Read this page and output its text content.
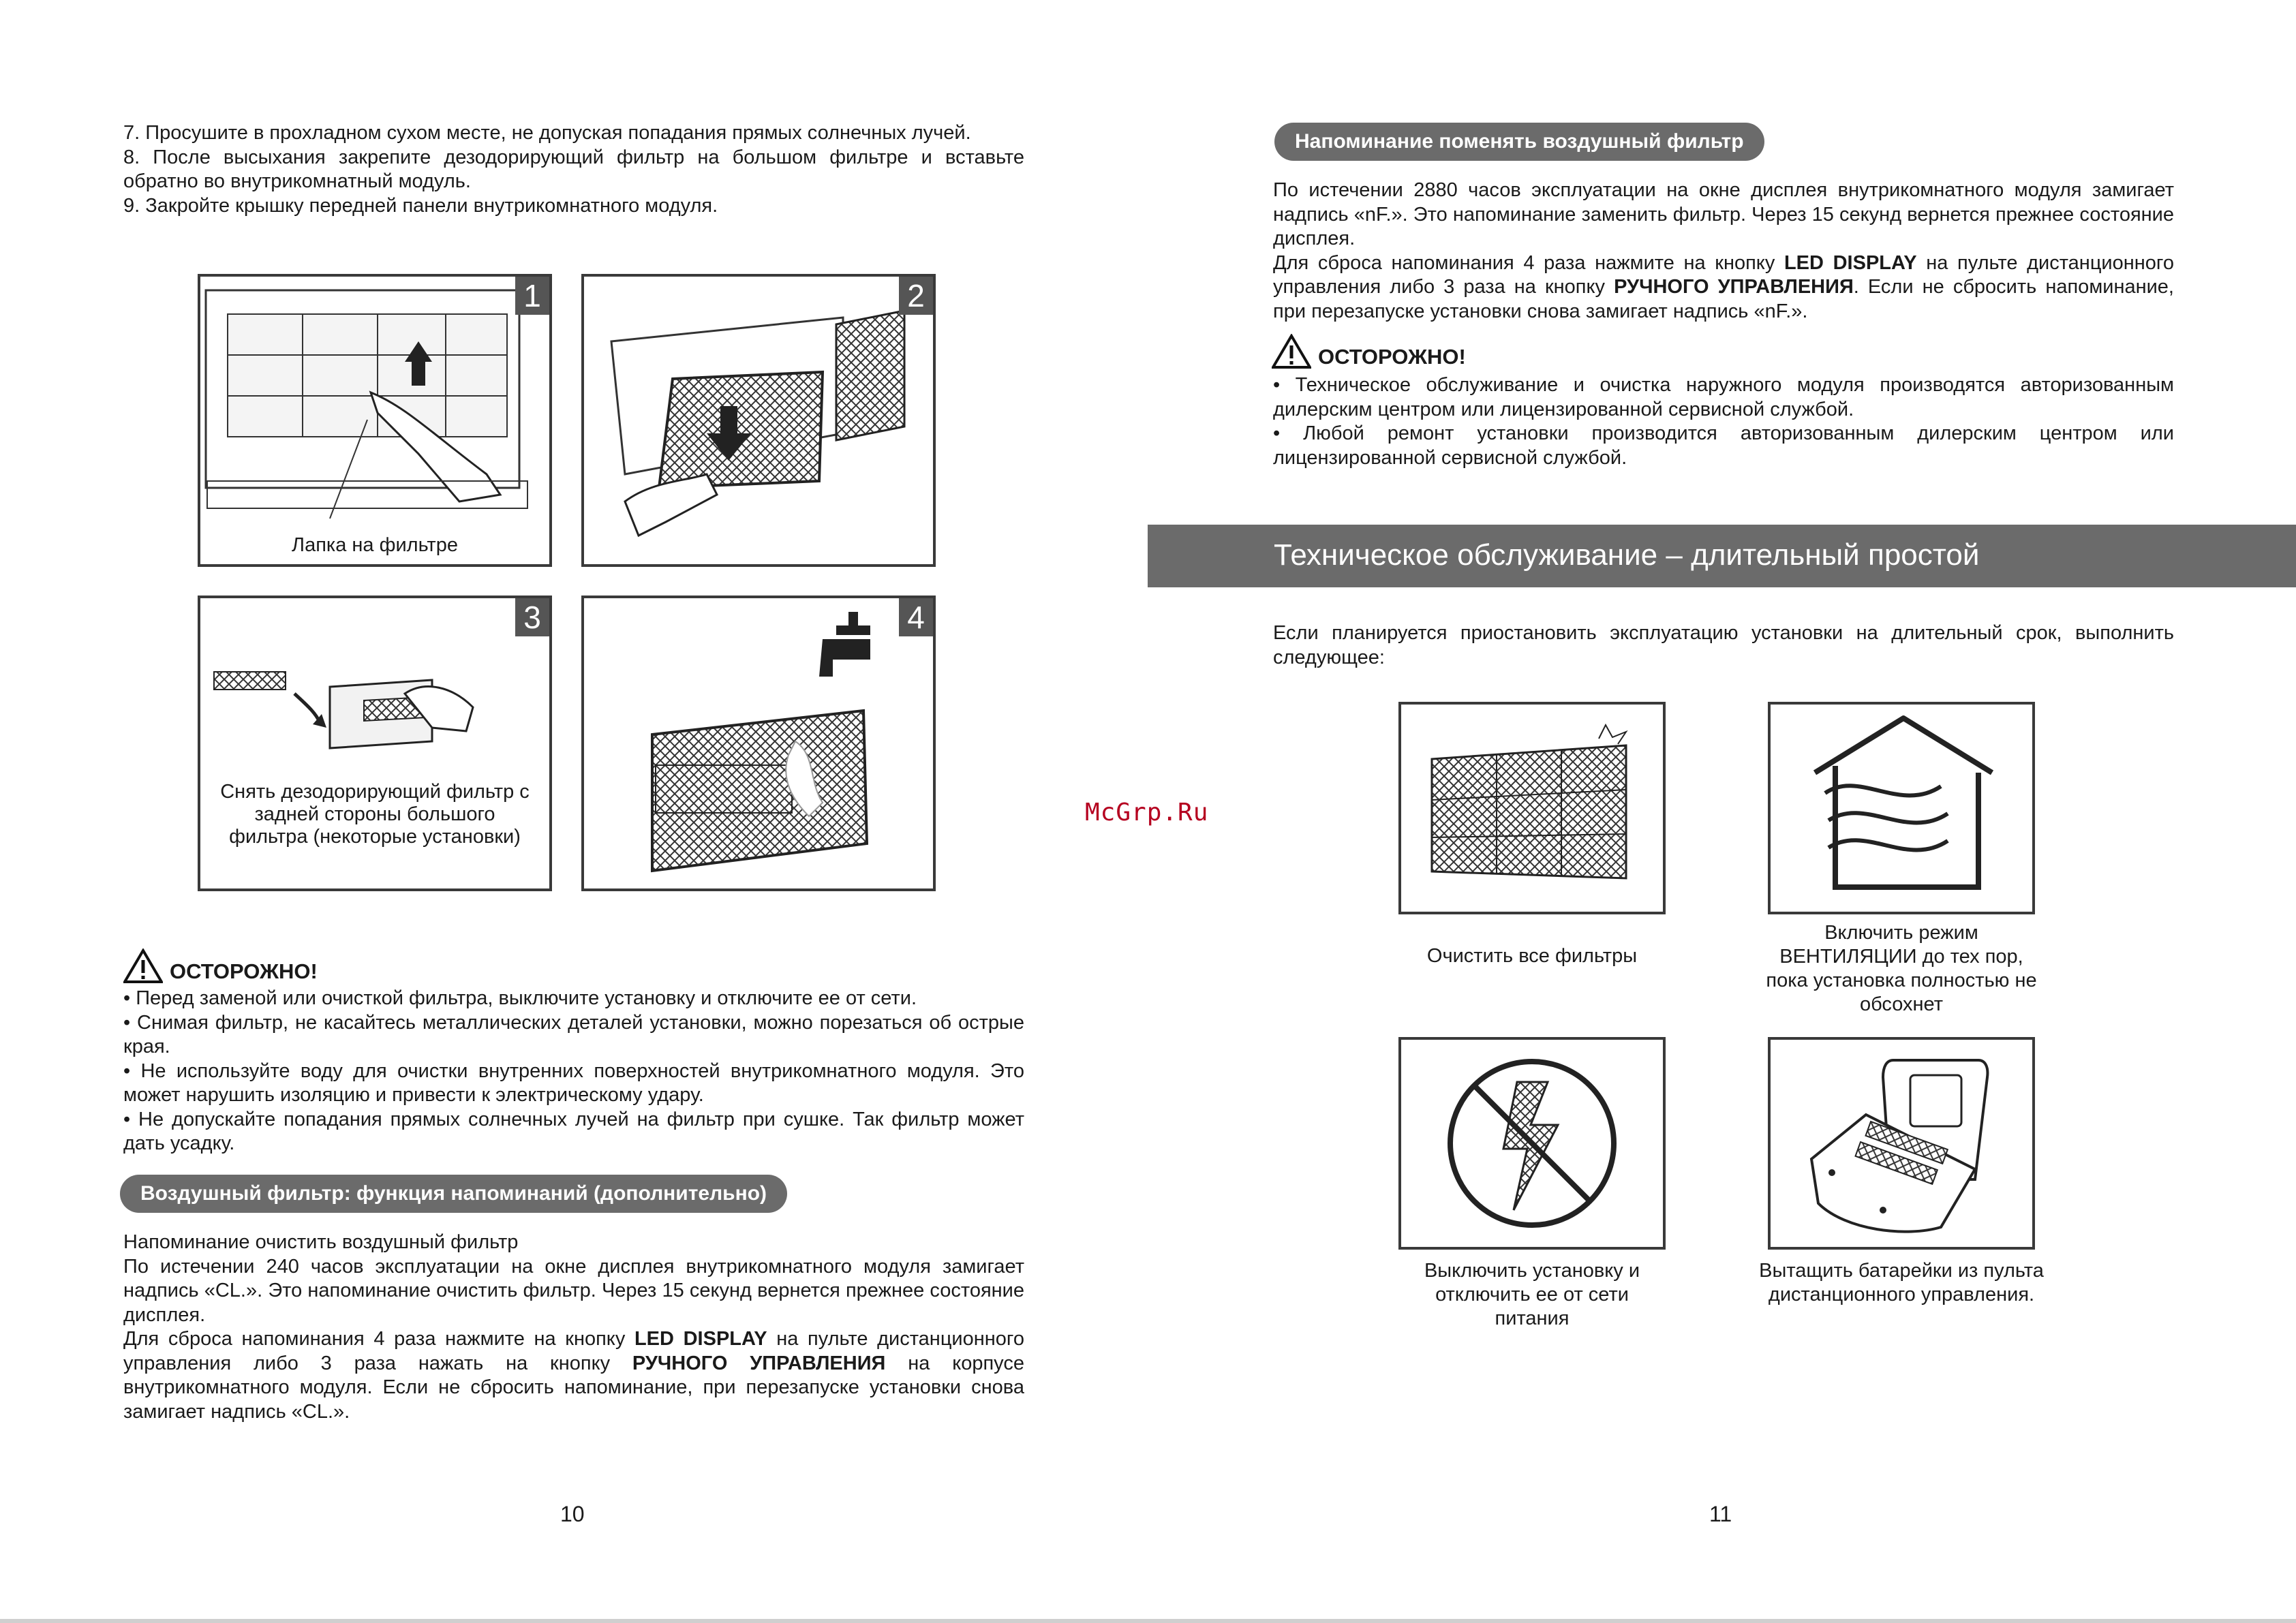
7. Просушите в прохладном сухом месте, не допуская попадания прямых солнечных лучей.

8. После высыхания закрепите дезодорирующий фильтр на большом фильтре и вставьте обратно во внутрикомнатный модуль.

9. Закройте крышку передней панели внутрикомнатного модуля.

1
Лапка на фильтре
2
3
Снять дезодорирующий фильтр с задней стороны большого фильтра (некоторые установки)
4
ОСТОРОЖНО!

• Перед заменой или очисткой фильтра, выключите установку и отключите ее от сети.

• Снимая фильтр, не касайтесь металлических деталей установки, можно порезаться об острые края.

• Не используйте воду для очистки внутренних поверхностей внутрикомнатного модуля. Это может нарушить изоляцию и привести к электрическому удару.

• Не допускайте попадания прямых солнечных лучей на фильтр при сушке. Так фильтр может дать усадку.

Воздушный фильтр: функция напоминаний (дополнительно)

Напоминание очистить воздушный фильтр

По истечении 240 часов эксплуатации на окне дисплея внутрикомнатного модуля замигает надпись «CL.». Это напоминание очистить фильтр. Через 15 секунд вернется прежнее состояние дисплея.

Для сброса напоминания 4 раза нажмите на кнопку LED DISPLAY на пульте дистанционного управления либо 3 раза нажать на кнопку РУЧНОГО УПРАВЛЕНИЯ на корпусе внутрикомнатного модуля. Если не сбросить напоминание, при перезапуске установки снова замигает надпись «CL.».

10
Напоминание поменять воздушный фильтр

По истечении 2880 часов эксплуатации на окне дисплея внутрикомнатного модуля замигает надпись «nF.». Это напоминание заменить фильтр. Через 15 секунд вернется прежнее состояние дисплея.

Для сброса напоминания 4 раза нажмите на кнопку LED DISPLAY на пульте дистанционного управления либо 3 раза на кнопку РУЧНОГО УПРАВЛЕНИЯ. Если не сбросить напоминание, при перезапуске установки снова замигает надпись «nF.».

ОСТОРОЖНО!

• Техническое обслуживание и очистка наружного модуля производятся авторизованным дилерским центром или лицензированной сервисной службой.

• Любой ремонт установки производится авторизованным дилерским центром или лицензированной сервисной службой.

Техническое обслуживание – длительный простой

Если планируется приостановить эксплуатацию установки на длительный срок, выполнить следующее:

Очистить все фильтры
Включить режим ВЕНТИЛЯЦИИ до тех пор, пока установка полностью не обсохнет
Выключить установку и отключить ее от сети питания
Вытащить батарейки из пульта дистанционного управления.
11
McGrp.Ru
